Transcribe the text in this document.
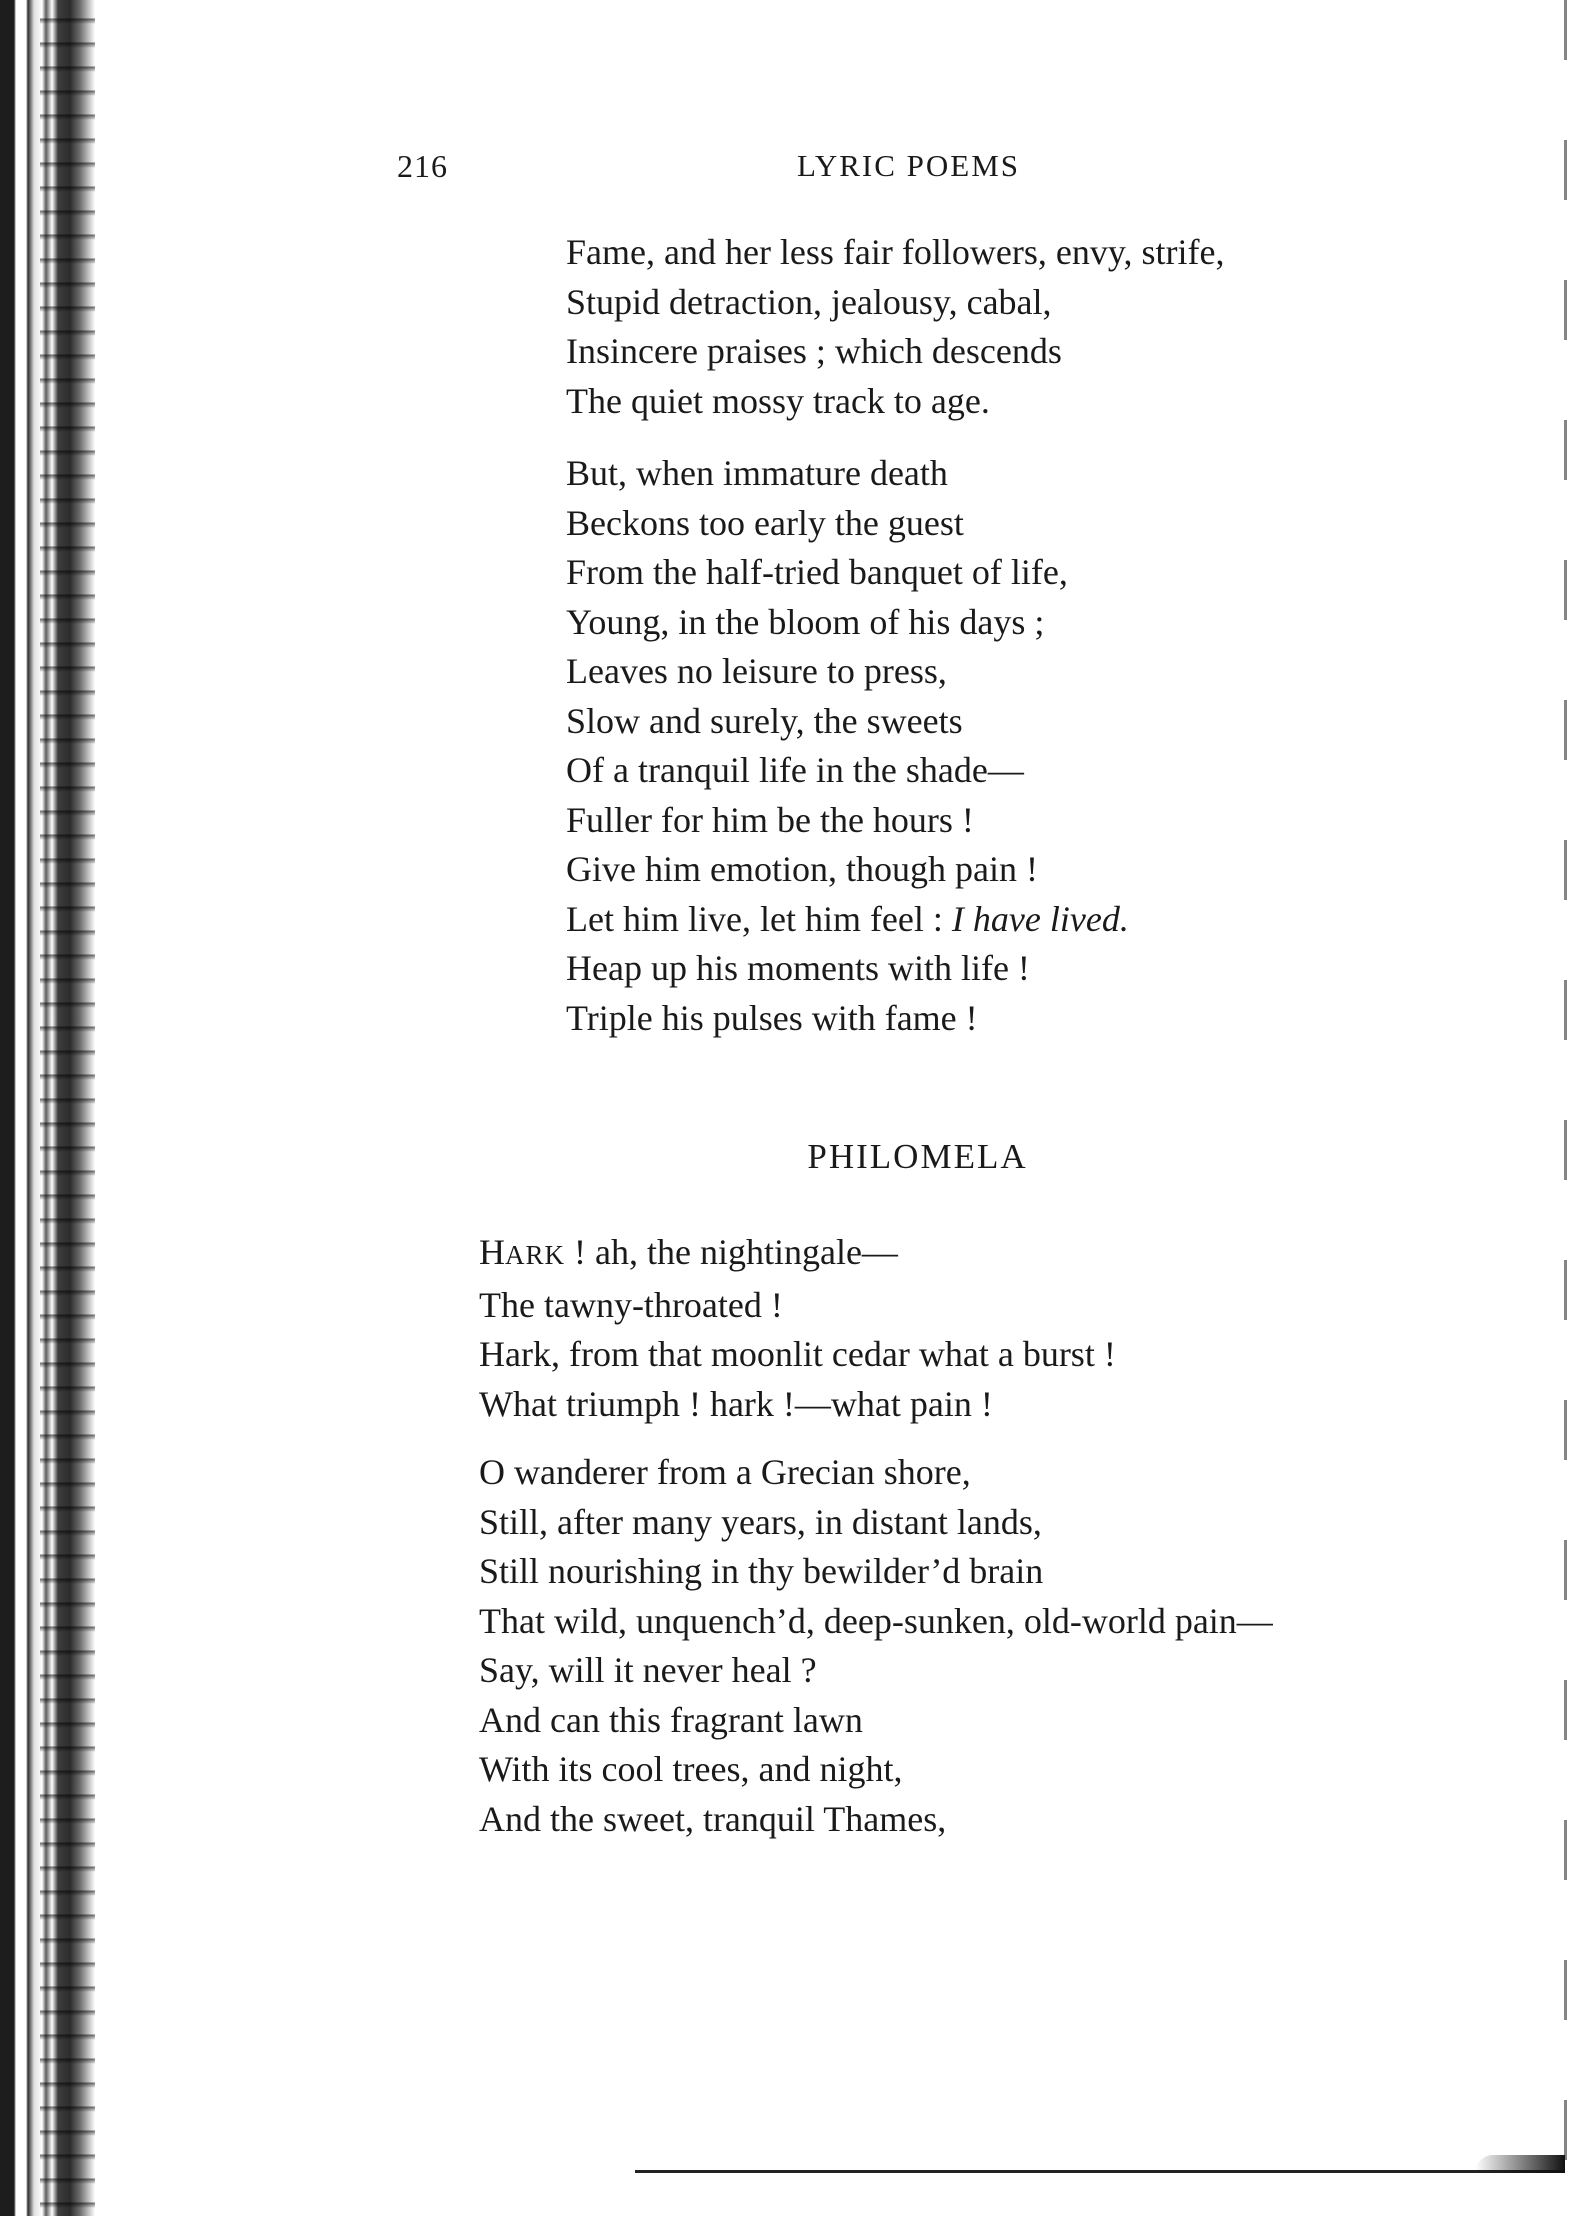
216	LYRIC POEMS
Fame, and her less fair followers, envy, strife,
Stupid detraction, jealousy, cabal,
Insincere praises ; which descends
The quiet mossy track to age.
But, when immature death
Beckons too early the guest
From the half-tried banquet of life,
Young, in the bloom of his days ;
Leaves no leisure to press,
Slow and surely, the sweets
Of a tranquil life in the shade—
Fuller for him be the hours !
Give him emotion, though pain !
Let him live, let him feel : I have lived.
Heap up his moments with life !
Triple his pulses with fame !
PHILOMELA
HARK ! ah, the nightingale—
The tawny-throated !
Hark, from that moonlit cedar what a burst !
What triumph ! hark !—what pain !
O wanderer from a Grecian shore,
Still, after many years, in distant lands,
Still nourishing in thy bewilder’d brain
That wild, unquench’d, deep-sunken, old-world pain—
Say, will it never heal ?
And can this fragrant lawn
With its cool trees, and night,
And the sweet, tranquil Thames,
